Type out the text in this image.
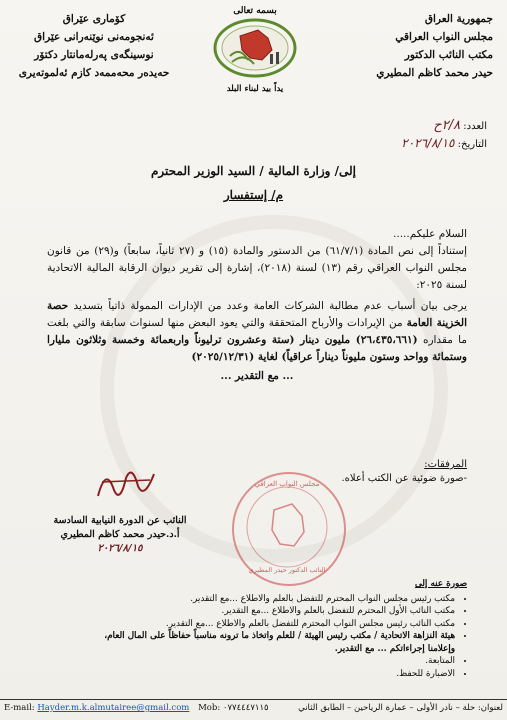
جمهورية العراق
مجلس النواب العراقي
مكتب النائب الدكتور
حيدر محمد كاظم المطيري
کۆماری عێراق
ئەنجومەنی نوێنەرانی عێراق
نوسینگەی پەرلەمانتار دکتۆر
حەیدەر محەممەد کازم ئەلموتەیری
بسمه تعالى
يداً بيد لبناء البلد
العدد: ٢/٨ح
التاريخ: ٢٠٢٦/٨/١٥
إلى/ وزارة المالية / السيد الوزير المحترم
م/ إستفسار

السلام عليكم.....

إستناداً إلى نص المادة (٦١/٧/١) من الدستور والمادة (١٥) و (٢٧ ثانياً، سابعاً) و(٢٩) من قانون مجلس النواب العراقي رقم (١٣) لسنة (٢٠١٨)، إشارة إلى تقرير ديوان الرقابة المالية الاتحادية لسنة ٢٠٢٥:

يرجى بيان أسباب عدم مطالبة الشركات العامة وعدد من الإدارات الممولة ذاتياً بتسديد حصة الخزينة العامة من الإيرادات والأرباح المتحققة والتي يعود البعض منها لسنوات سابقة والتي بلغت ما مقداره (٢٦،٤٣٥،٦٦١) مليون دينار (ستة وعشرون ترليوناً واربعمائة وخمسة وثلاثون مليارا وستمائة وواحد وستون مليوناً ديناراً عراقياً) لغاية (٢٠٢٥/١٢/٣١)

... مع التقدير ...

المرفقات:
-صورة ضوئية عن الكتب أعلاه.
مجلس النواب العراقي
النائب الدكتور حيدر المطيري
النائب عن الدورة النيابية السادسة
أ.د.حيدر محمد كاظم المطيري
٢٠٢٦/٨/١٥
صورة عنه إلى
• مكتب رئيس مجلس النواب المحترم للتفضل بالعلم والاطلاع ...مع التقدير.
• مكتب النائب الأول المحترم للتفضل بالعلم والاطلاع ...مع التقدير.
• مكتب النائب رئيس مجلس النواب المحترم للتفضل بالعلم والاطلاع ...مع التقدير.
• هيئة النزاهة الاتحادية / مكتب رئيس الهيئة / للعلم واتخاذ ما ترونه مناسباً حفاظاً على المال العام، وإعلامنا إجراءاتكم ... مع التقدير.
• المتابعة.
• الاضبارة للحفظ.
E-mail: Hayder.m.k.almutairee@gmail.com Mob: ٠٧٧٤٤٤٧١١٥	لعنوان: حلة – نادر الأولى – عمارة الرياحين – الطابق الثاني
